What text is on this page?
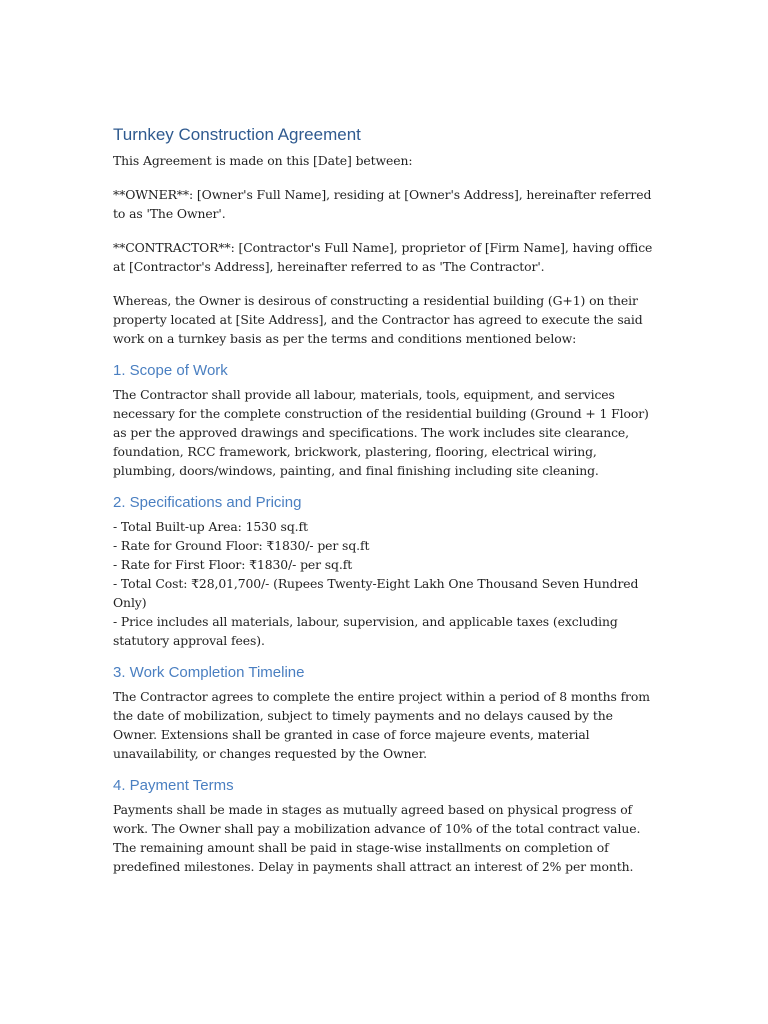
Turnkey Construction Agreement

This Agreement is made on this [Date] between:

**OWNER**: [Owner's Full Name], residing at [Owner's Address], hereinafter referred to as 'The Owner'.

**CONTRACTOR**: [Contractor's Full Name], proprietor of [Firm Name], having office at [Contractor's Address], hereinafter referred to as 'The Contractor'.

Whereas, the Owner is desirous of constructing a residential building (G+1) on their property located at [Site Address], and the Contractor has agreed to execute the said work on a turnkey basis as per the terms and conditions mentioned below:

1. Scope of Work

The Contractor shall provide all labour, materials, tools, equipment, and services necessary for the complete construction of the residential building (Ground + 1 Floor) as per the approved drawings and specifications. The work includes site clearance, foundation, RCC framework, brickwork, plastering, flooring, electrical wiring, plumbing, doors/windows, painting, and final finishing including site cleaning.

2. Specifications and Pricing

- Total Built-up Area: 1530 sq.ft

- Rate for Ground Floor: ₹1830/- per sq.ft

- Rate for First Floor: ₹1830/- per sq.ft

- Total Cost: ₹28,01,700/- (Rupees Twenty-Eight Lakh One Thousand Seven Hundred Only)

- Price includes all materials, labour, supervision, and applicable taxes (excluding statutory approval fees).

3. Work Completion Timeline

The Contractor agrees to complete the entire project within a period of 8 months from the date of mobilization, subject to timely payments and no delays caused by the Owner. Extensions shall be granted in case of force majeure events, material unavailability, or changes requested by the Owner.

4. Payment Terms

Payments shall be made in stages as mutually agreed based on physical progress of work. The Owner shall pay a mobilization advance of 10% of the total contract value. The remaining amount shall be paid in stage-wise installments on completion of predefined milestones. Delay in payments shall attract an interest of 2% per month.
